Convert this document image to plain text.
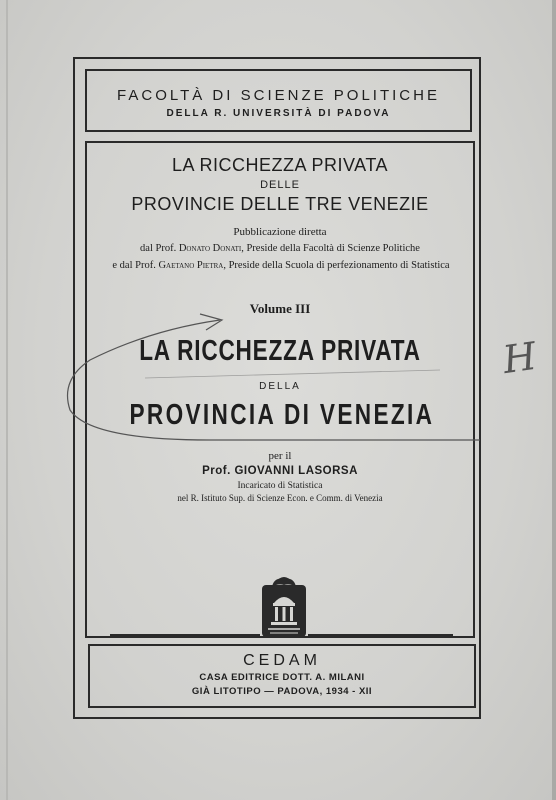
FACOLTÀ DI SCIENZE POLITICHE
DELLA R. UNIVERSITÀ DI PADOVA
LA RICCHEZZA PRIVATA
DELLE
PROVINCIE DELLE TRE VENEZIE
Pubblicazione diretta
dal Prof. Donato Donati, Preside della Facoltà di Scienze Politiche
e dal Prof. Gaetano Pietra, Preside della Scuola di perfezionamento di Statistica
Volume III
LA RICCHEZZA PRIVATA
DELLA
PROVINCIA DI VENEZIA
per il
Prof. GIOVANNI LASORSA
Incaricato di Statistica
nel R. Istituto Sup. di Scienze Econ. e Comm. di Venezia
CEDAM
CASA EDITRICE DOTT. A. MILANI
GIÀ LITOTIPO — PADOVA, 1934 - XII
H
